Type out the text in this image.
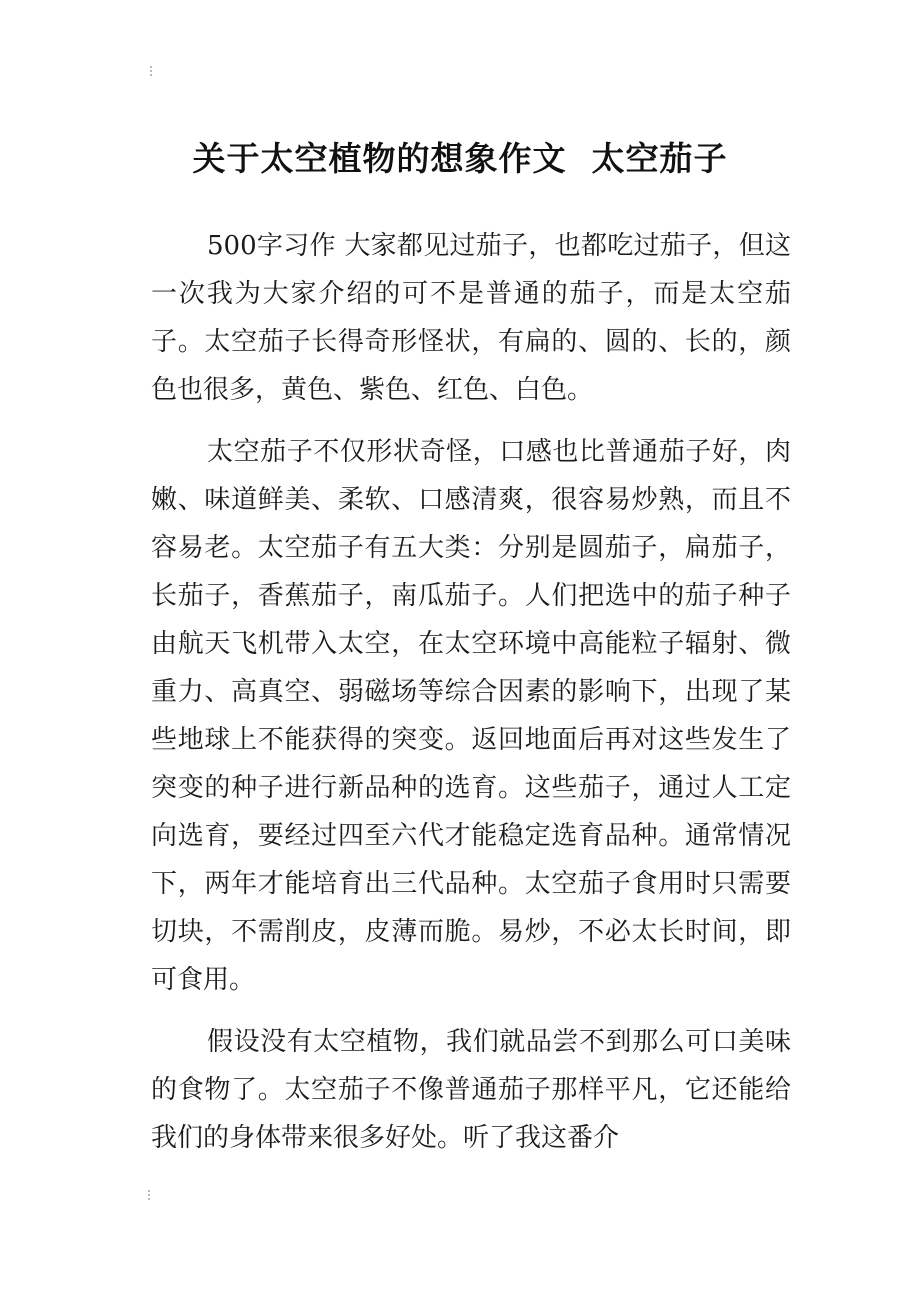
关于太空植物的想象作文  太空茄子

500字习作 大家都见过茄子，也都吃过茄子，但这一次我为大家介绍的可不是普通的茄子，而是太空茄子。太空茄子长得奇形怪状，有扁的、圆的、长的，颜色也很多，黄色、紫色、红色、白色。

太空茄子不仅形状奇怪，口感也比普通茄子好，肉嫩、味道鲜美、柔软、口感清爽，很容易炒熟，而且不容易老。太空茄子有五大类：分别是圆茄子，扁茄子，长茄子，香蕉茄子，南瓜茄子。人们把选中的茄子种子由航天飞机带入太空，在太空环境中高能粒子辐射、微重力、高真空、弱磁场等综合因素的影响下，出现了某些地球上不能获得的突变。返回地面后再对这些发生了突变的种子进行新品种的选育。这些茄子，通过人工定向选育，要经过四至六代才能稳定选育品种。通常情况下，两年才能培育出三代品种。太空茄子食用时只需要切块，不需削皮，皮薄而脆。易炒，不必太长时间，即可食用。

假设没有太空植物，我们就品尝不到那么可口美味的食物了。太空茄子不像普通茄子那样平凡，它还能给我们的身体带来很多好处。听了我这番介
